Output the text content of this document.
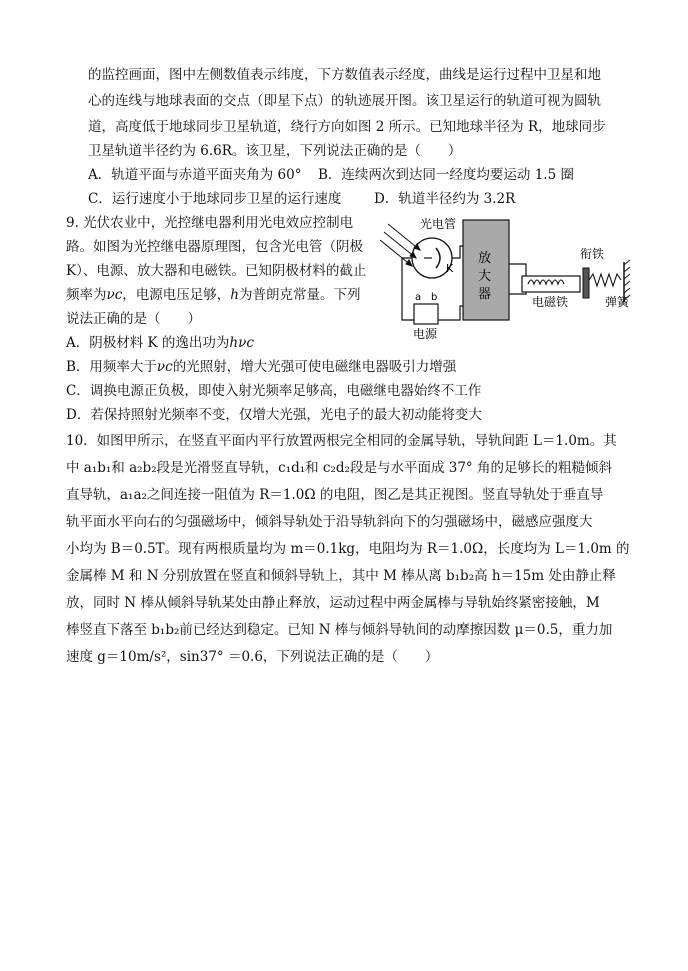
的监控画面，图中左侧数值表示纬度，下方数值表示经度，曲线是运行过程中卫星和地
心的连线与地球表面的交点（即星下点）的轨迹展开图。该卫星运行的轨道可视为圆轨
道，高度低于地球同步卫星轨道，绕行方向如图 2 所示。已知地球半径为 R，地球同步
卫星轨道半径约为 6.6R。该卫星，下列说法正确的是（　　）
A．轨道平面与赤道平面夹角为 60° B．连续两次到达同一经度均要运动 1.5 圈
C．运行速度小于地球同步卫星的运行速度 D．轨道半径约为 3.2R
9. 光伏农业中，光控继电器利用光电效应控制电
路。如图为光控继电器原理图，包含光电管（阴极
K）、电源、放大器和电磁铁。已知阴极材料的截止
频率为νc，电源电压足够，h为普朗克常量。下列
说法正确的是（　　）
A．阴极材料 K 的逸出功为hνc
B．用频率大于νc的光照射，增大光强可使电磁继电器吸引力增强
C．调换电源正负极，即使入射光频率足够高，电磁继电器始终不工作
D．若保持照射光频率不变，仅增大光强，光电子的最大初动能将变大
光电管
K
a b
电源
放
大
器	电磁铁
衔铁
弹簧
10．如图甲所示，在竖直平面内平行放置两根完全相同的金属导轨，导轨间距 L＝1.0m。其
中 a₁b₁和 a₂b₂段是光滑竖直导轨，c₁d₁和 c₂d₂段是与水平面成 37° 角的足够长的粗糙倾斜
直导轨，a₁a₂之间连接一阻值为 R＝1.0Ω 的电阻，图乙是其正视图。竖直导轨处于垂直导
轨平面水平向右的匀强磁场中，倾斜导轨处于沿导轨斜向下的匀强磁场中，磁感应强度大
小均为 B＝0.5T。现有两根质量均为 m＝0.1kg，电阻均为 R＝1.0Ω，长度均为 L＝1.0m 的
金属棒 M 和 N 分别放置在竖直和倾斜导轨上，其中 M 棒从离 b₁b₂高 h＝15m 处由静止释
放，同时 N 棒从倾斜导轨某处由静止释放，运动过程中两金属棒与导轨始终紧密接触，M
棒竖直下落至 b₁b₂前已经达到稳定。已知 N 棒与倾斜导轨间的动摩擦因数 μ＝0.5，重力加
速度 g＝10m/s²，sin37° ＝0.6，下列说法正确的是（　　）
